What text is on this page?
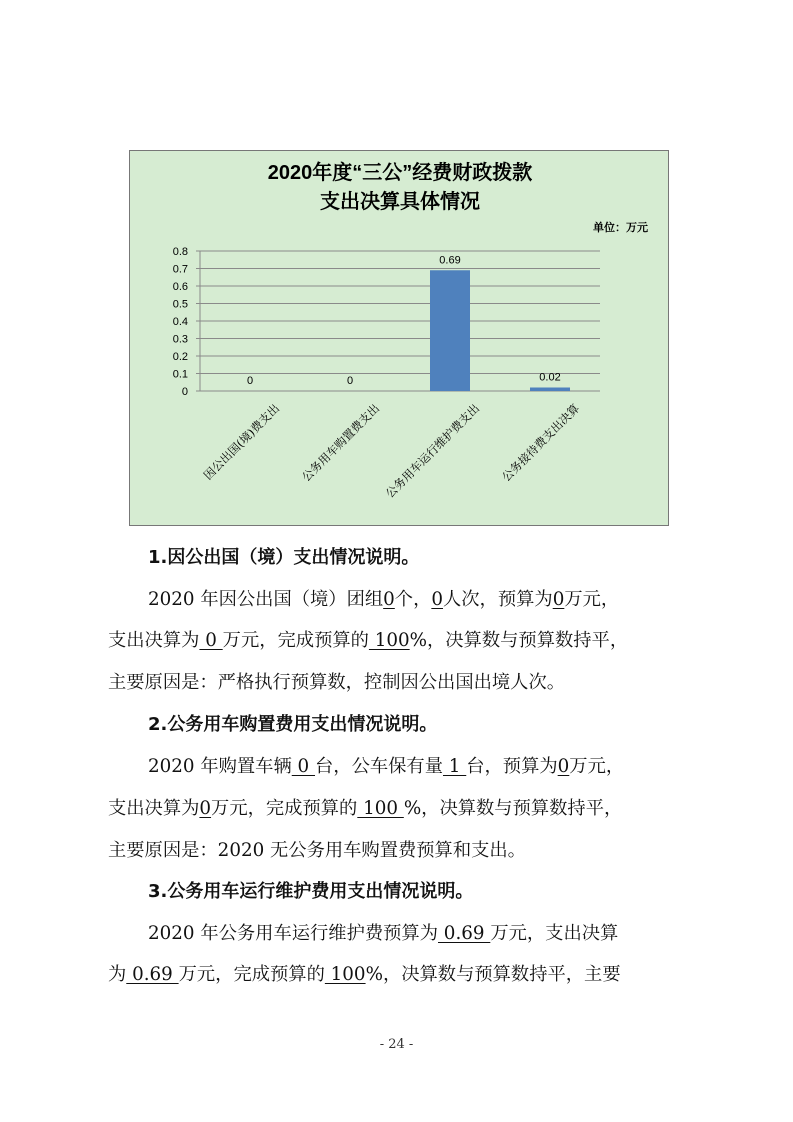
2020年度“三公”经费财政拨款
支出决算具体情况
单位：万元
0
0.1
0.2
0.3
0.4
0.5
0.6
0.7
0.8
0
因公出国(境)费支出
0
公务用车购置费支出
0.69
公务用车运行维护费支出
0.02
公务接待费支出决算

1.因公出国（境）支出情况说明。

2020 年因公出国（境）团组0个，0人次，预算为0万元，

支出决算为 0 万元，完成预算的 100%，决算数与预算数持平，

主要原因是：严格执行预算数，控制因公出国出境人次。

2.公务用车购置费用支出情况说明。

2020 年购置车辆 0 台，公车保有量 1 台，预算为0万元，

支出决算为0万元，完成预算的 100 %，决算数与预算数持平，

主要原因是：2020 无公务用车购置费预算和支出。

3.公务用车运行维护费用支出情况说明。

2020 年公务用车运行维护费预算为 0.69 万元，支出决算

为 0.69 万元，完成预算的 100%，决算数与预算数持平，主要

- 24 -
